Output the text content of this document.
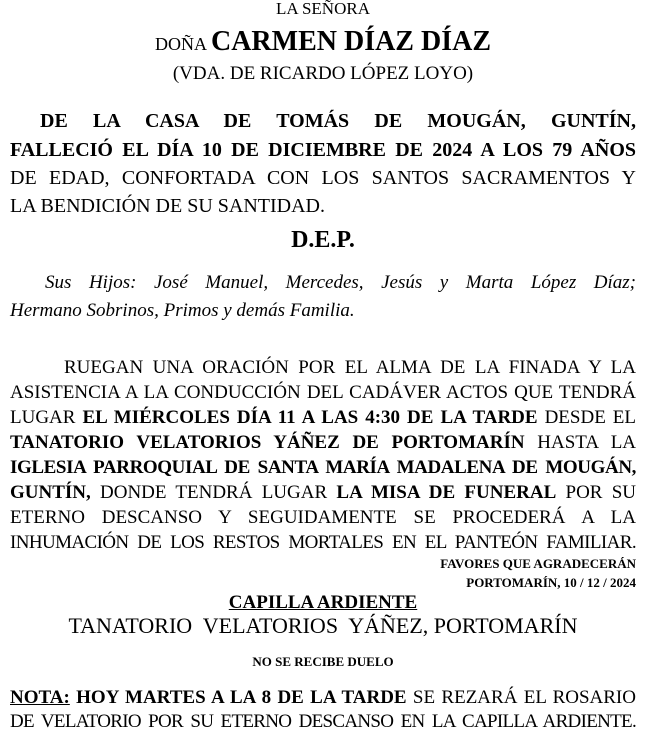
LA SEÑORA
DOÑA CARMEN DÍAZ DÍAZ
(VDA. DE RICARDO LÓPEZ LOYO)
DE LA CASA DE TOMÁS DE MOUGÁN, GUNTÍN,
FALLECIÓ EL DÍA 10 DE DICIEMBRE DE 2024 A LOS 79 AÑOS
DE EDAD, CONFORTADA CON LOS SANTOS SACRAMENTOS Y
LA BENDICIÓN DE SU SANTIDAD.
D.E.P.
Sus Hijos: José Manuel, Mercedes, Jesús y Marta López Díaz;
Hermano Sobrinos, Primos y demás Familia.
RUEGAN UNA ORACIÓN POR EL ALMA DE LA FINADA Y LA
ASISTENCIA A LA CONDUCCIÓN DEL CADÁVER ACTOS QUE TENDRÁ
LUGAR EL MIÉRCOLES DÍA 11 A LAS 4:30 DE LA TARDE DESDE EL
TANATORIO VELATORIOS YÁÑEZ DE PORTOMARÍN HASTA LA
IGLESIA PARROQUIAL DE SANTA MARÍA MADALENA DE MOUGÁN,
GUNTÍN, DONDE TENDRÁ LUGAR LA MISA DE FUNERAL POR SU
ETERNO DESCANSO Y SEGUIDAMENTE SE PROCEDERÁ A LA
INHUMACIÓN DE LOS RESTOS MORTALES EN EL PANTEÓN FAMILIAR.
FAVORES QUE AGRADECERÁN
PORTOMARÍN, 10 / 12 / 2024
CAPILLA ARDIENTE
TANATORIO  VELATORIOS  YÁÑEZ, PORTOMARÍN
NO SE RECIBE DUELO
NOTA: HOY MARTES A LA 8 DE LA TARDE SE REZARÁ EL ROSARIO
DE VELATORIO POR SU ETERNO DESCANSO EN LA CAPILLA ARDIENTE.
